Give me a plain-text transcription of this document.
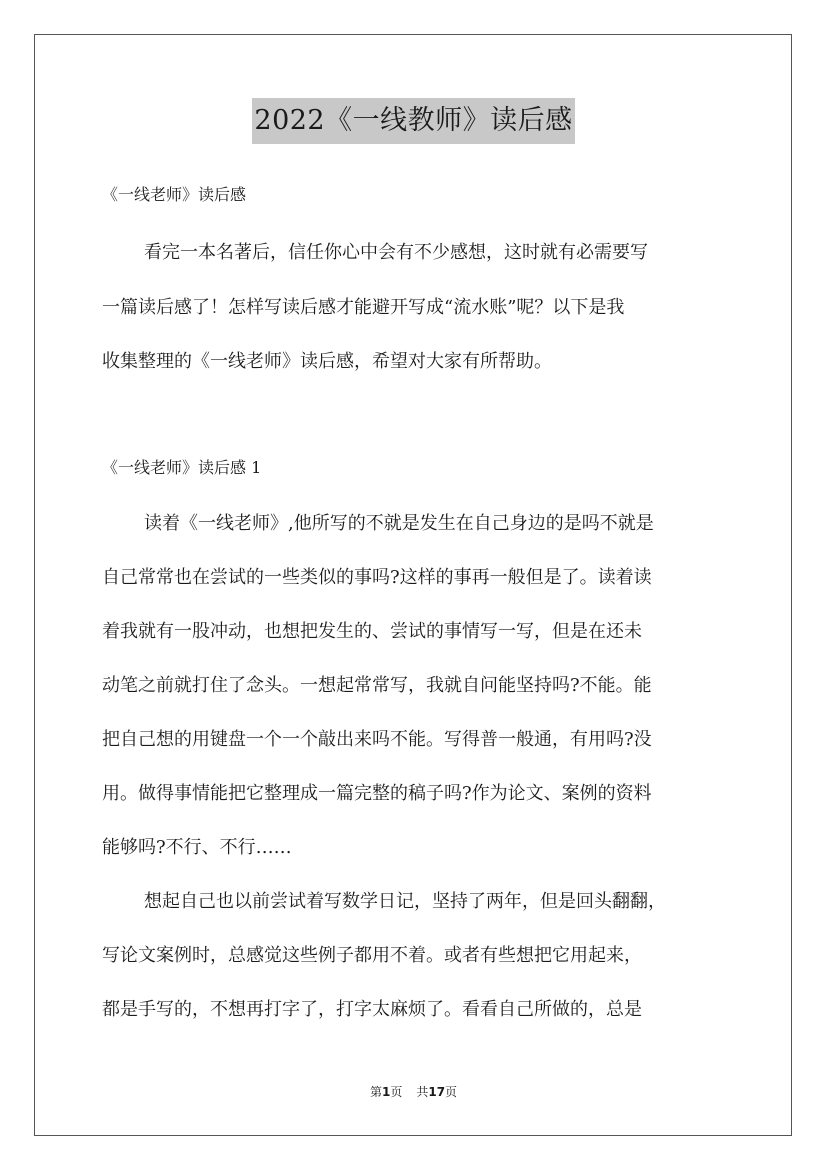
2022《一线教师》读后感
《一线老师》读后感
看完一本名著后，信任你心中会有不少感想，这时就有必需要写
一篇读后感了！怎样写读后感才能避开写成“流水账”呢？以下是我
收集整理的《一线老师》读后感，希望对大家有所帮助。
《一线老师》读后感 1
读着《一线老师》,他所写的不就是发生在自己身边的是吗不就是
自己常常也在尝试的一些类似的事吗?这样的事再一般但是了。读着读
着我就有一股冲动，也想把发生的、尝试的事情写一写，但是在还未
动笔之前就打住了念头。一想起常常写，我就自问能坚持吗?不能。能
把自己想的用键盘一个一个敲出来吗不能。写得普一般通，有用吗?没
用。做得事情能把它整理成一篇完整的稿子吗?作为论文、案例的资料
能够吗?不行、不行……
想起自己也以前尝试着写数学日记，坚持了两年，但是回头翻翻，
写论文案例时，总感觉这些例子都用不着。或者有些想把它用起来，
都是手写的，不想再打字了，打字太麻烦了。看看自己所做的，总是
第1页 共17页
